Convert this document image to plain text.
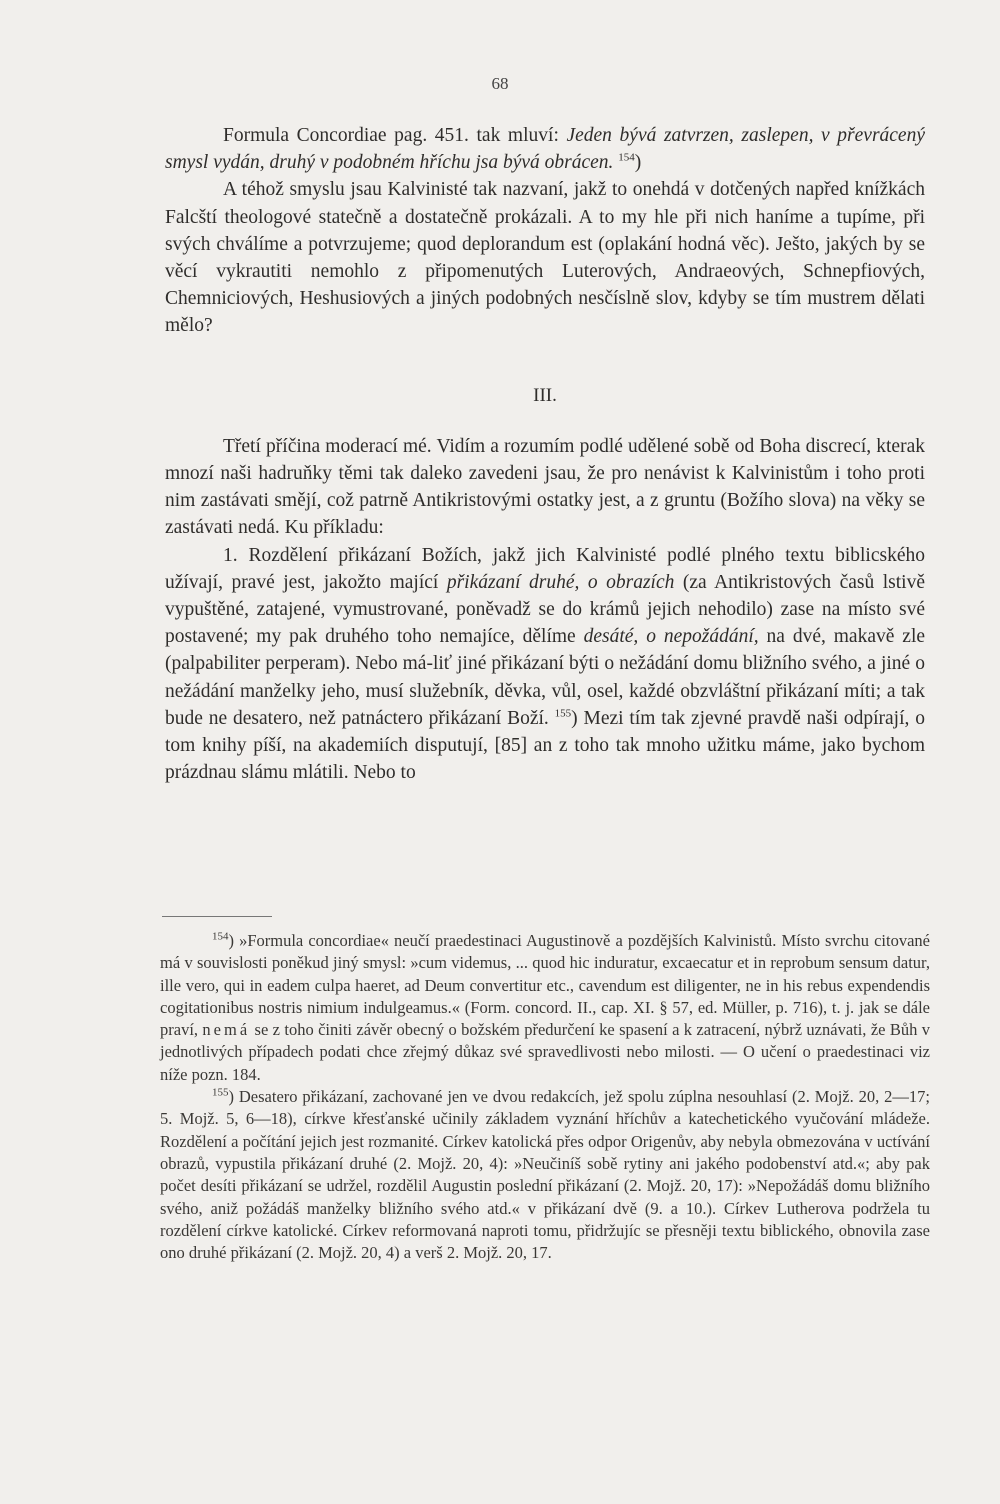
68

Formula Concordiae pag. 451. tak mluví: Jeden bývá zatvrzen, zaslepen, v převrácený smysl vydán, druhý v podobném hříchu jsa bývá obrácen. $^{154}$)

A téhož smyslu jsau Kalvinisté tak nazvaní, jakž to onehdá v dotčených napřed knížkách Falcští theologové statečně a dostatečně prokázali. A to my hle při nich haníme a tupíme, při svých chválíme a potvrzujeme; quod deplorandum est (oplakání hodná věc). Ješto, jakých by se věcí vykrautiti nemohlo z připomenutých Luterových, Andraeových, Schnepfiových, Chemniciových, Heshusiových a jiných podobných nesčíslně slov, kdyby se tím mustrem dělati mělo?

III.

Třetí příčina moderací mé. Vidím a rozumím podlé udělené sobě od Boha discrecí, kterak mnozí naši hadruňky těmi tak daleko zavedeni jsau, že pro nenávist k Kalvinistům i toho proti nim zastávati smějí, což patrně Antikristovými ostatky jest, a z gruntu (Božího slova) na věky se zastávati nedá. Ku příkladu:

1. Rozdělení přikázaní Božích, jakž jich Kalvinisté podlé plného textu biblicského užívají, pravé jest, jakožto mající přikázaní druhé, o obrazích (za Antikristových časů lstivě vypuštěné, zatajené, vymustrované, poněvadž se do krámů jejich nehodilo) zase na místo své postavené; my pak druhého toho nemajíce, dělíme desáté, o nepožádání, na dvé, makavě zle (palpabiliter perperam). Nebo má-liť jiné přikázaní býti o nežádání domu bližního svého, a jiné o nežádání manželky jeho, musí služebník, děvka, vůl, osel, každé obzvláštní přikázaní míti; a tak bude ne desatero, než patnáctero přikázaní Boží. $^{155}$) Mezi tím tak zjevné pravdě naši odpírají, o tom knihy píší, na akademiích disputují, [85] an z toho tak mnoho užitku máme, jako bychom prázdnau slámu mlátili. Nebo to

$^{154}$) »Formula concordiae« neučí praedestinaci Augustinově a pozdějších Kalvinistů. Místo svrchu citované má v souvislosti poněkud jiný smysl: »cum videmus, ... quod hic induratur, excaecatur et in reprobum sensum datur, ille vero, qui in eadem culpa haeret, ad Deum convertitur etc., cavendum est diligenter, ne in his rebus expendendis cogitationibus nostris nimium indulgeamus.« (Form. concord. II., cap. XI. § 57, ed. Müller, p. 716), t. j. jak se dále praví, nemá se z toho činiti závěr obecný o božském předurčení ke spasení a k zatracení, nýbrž uznávati, že Bůh v jednotlivých případech podati chce zřejmý důkaz své spravedlivosti nebo milosti. — O učení o praedestinaci viz níže pozn. 184.

$^{155}$) Desatero přikázaní, zachované jen ve dvou redakcích, jež spolu zúplna nesouhlasí (2. Mojž. 20, 2—17; 5. Mojž. 5, 6—18), církve křesťanské učinily základem vyznání hříchův a katechetického vyučování mládeže. Rozdělení a počítání jejich jest rozmanité. Církev katolická přes odpor Origenův, aby nebyla obmezována v uctívání obrazů, vypustila přikázaní druhé (2. Mojž. 20, 4): »Neučiníš sobě rytiny ani jakého podobenství atd.«; aby pak počet desíti přikázaní se udržel, rozdělil Augustin poslední přikázaní (2. Mojž. 20, 17): »Nepožádáš domu bližního svého, aniž požádáš manželky bližního svého atd.« v přikázaní dvě (9. a 10.). Církev Lutherova podržela tu rozdělení církve katolické. Církev reformovaná naproti tomu, přidržujíc se přesněji textu biblického, obnovila zase ono druhé přikázaní (2. Mojž. 20, 4) a verš 2. Mojž. 20, 17.
